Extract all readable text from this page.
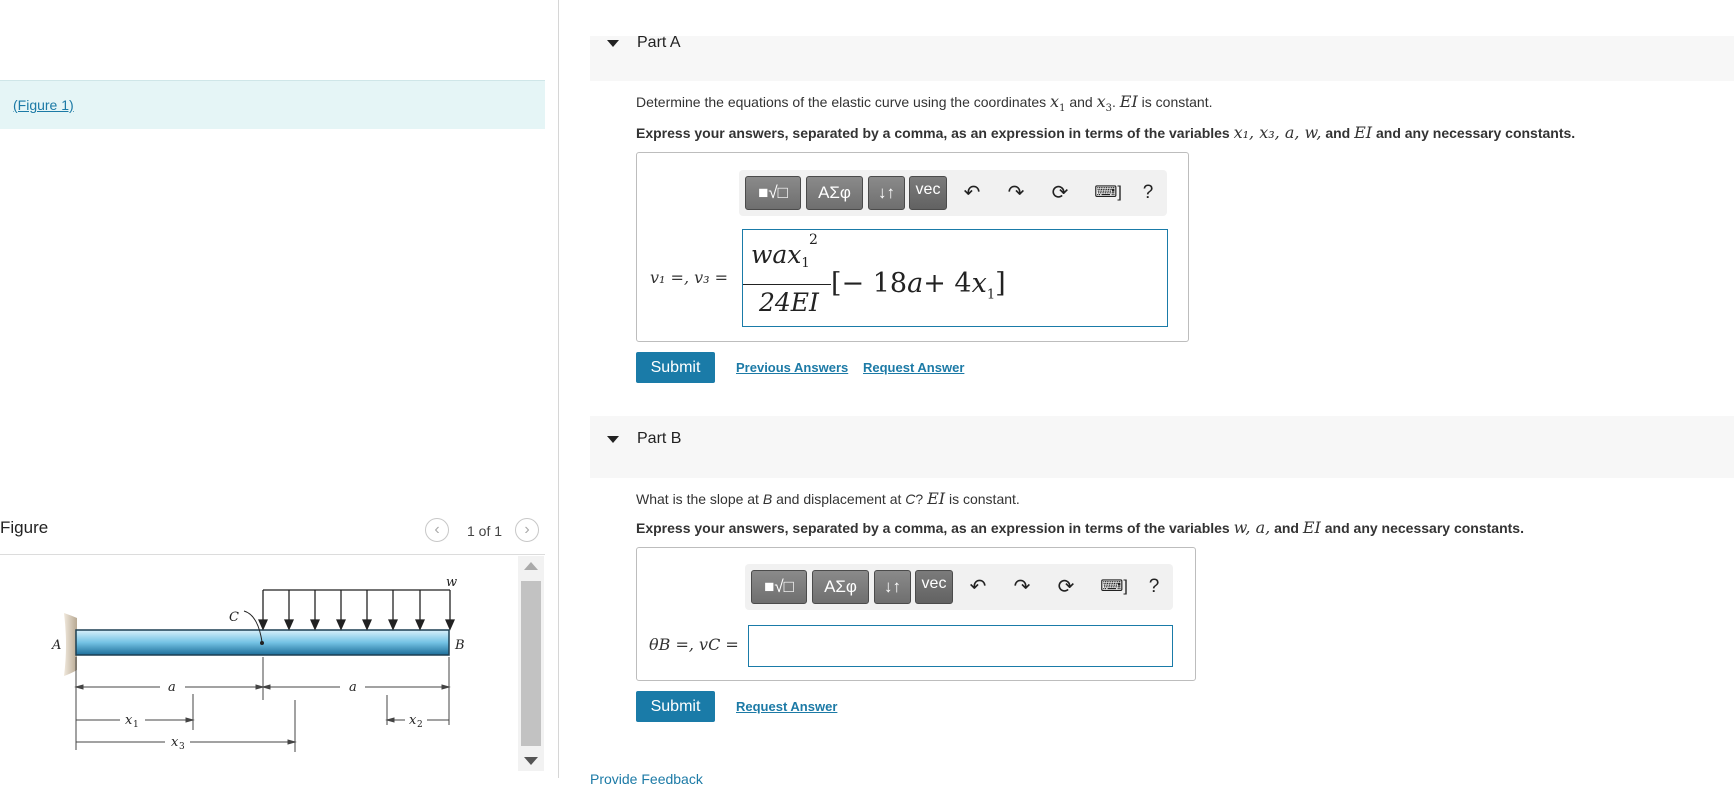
(Figure 1)
Figure	‹	1 of 1	›
A	B
C
w
a	a
x 1	x 2
x 3
Part A
Determine the equations of the elastic curve using the coordinates $x_1$ and $x_3$. EI is constant.
Express your answers, separated by a comma, as an expression in terms of the variables x₁, x₃, a, w, and EI and any necessary constants.
■√□	ΑΣφ	↓↑	vec	↶ ↷ ⟳ ⌨]	?
v₁ =, v₃ =
wax$_1$
2
24EI
[− $18a+ 4x_1$]
Submit	Previous Answers Request Answer
Part B
What is the slope at B and displacement at C? EI is constant.
Express your answers, separated by a comma, as an expression in terms of the variables w, a, and EI and any necessary constants.
■√□	ΑΣφ	↓↑	vec	↶ ↷ ⟳ ⌨]	?
θB =, vC =
Submit	Request Answer
Provide Feedback
